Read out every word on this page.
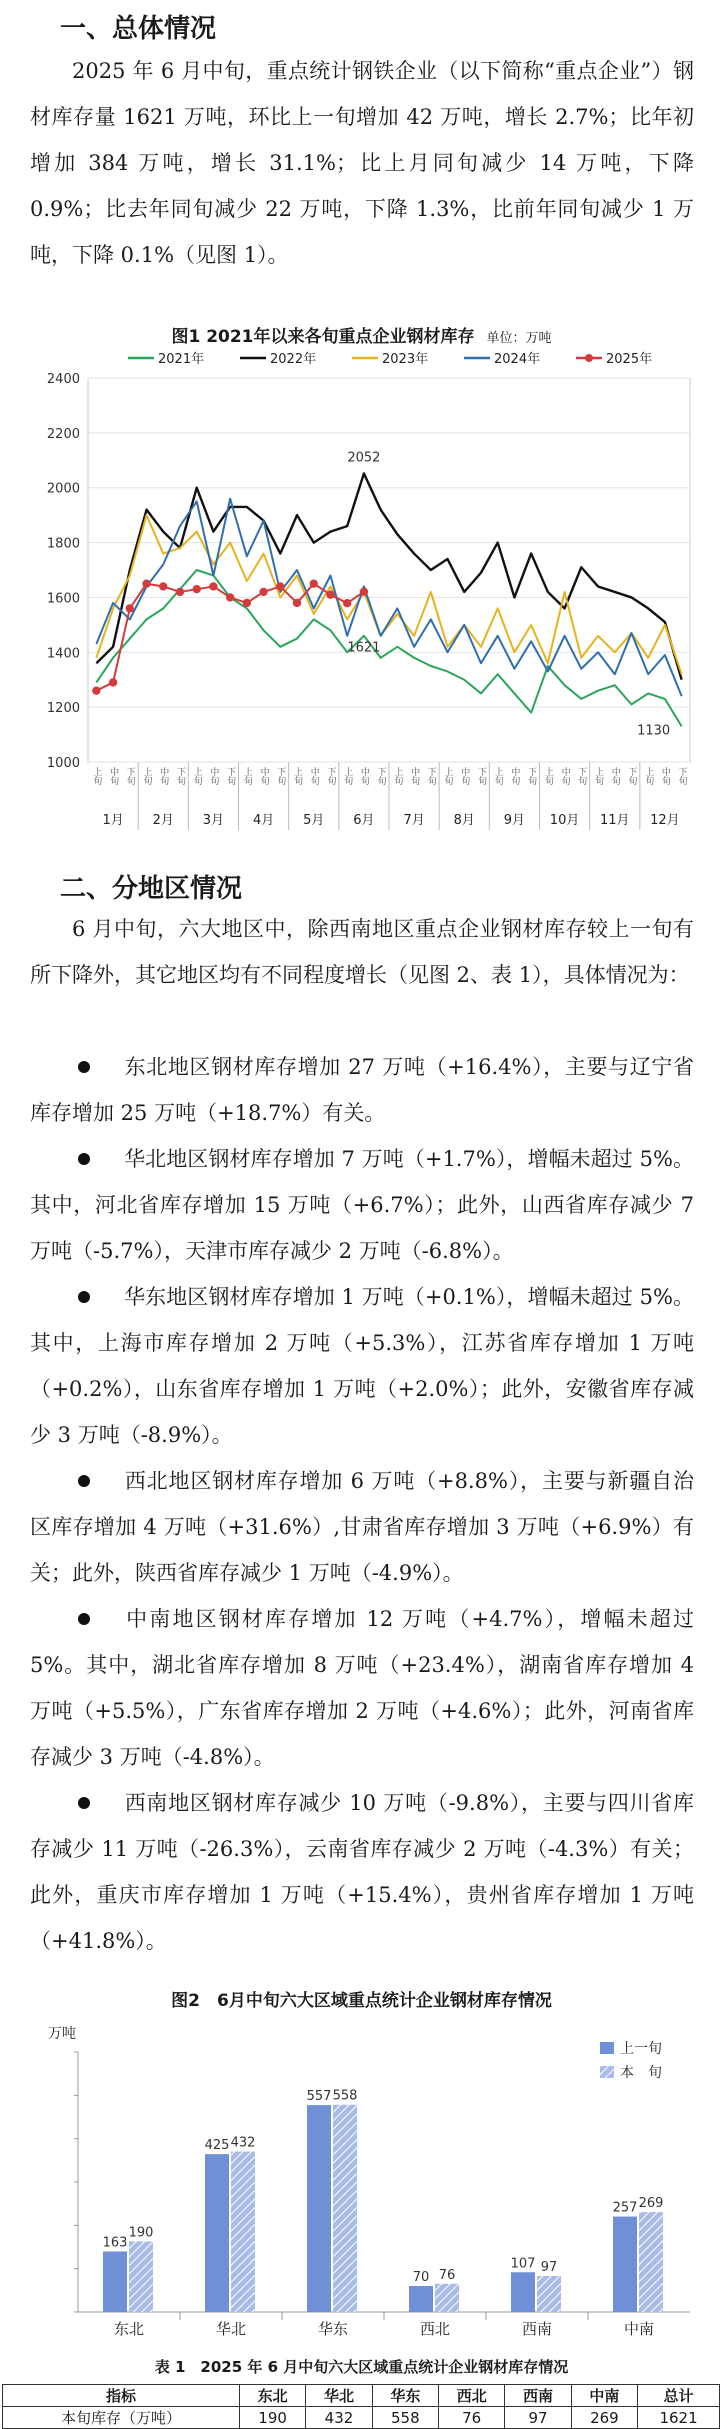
一、总体情况
2025 年 6 月中旬，重点统计钢铁企业（以下简称“重点企业”）钢材库存量 1621 万吨，环比上一旬增加 42 万吨，增长 2.7%；比年初增加 384 万吨，增长 31.1%；比上月同旬减少 14 万吨，下降 0.9%；比去年同旬减少 22 万吨，下降 1.3%，比前年同旬减少 1 万吨，下降 0.1%（见图 1）。
图1 2021年以来各旬重点企业钢材库存 单位：万吨
1000
1200
1400
1600
1800
2000
2200
2400
上旬 中旬 下旬 上旬 中旬 下旬 上旬 中旬 下旬 上旬 中旬 下旬 上旬 中旬 下旬 上旬 中旬 下旬 上旬 中旬 下旬 上旬 中旬 下旬 上旬 中旬 下旬 上旬 中旬 下旬 上旬 中旬 下旬 上旬 中旬 下旬
1月 2月 3月 4月 5月 6月 7月 8月 9月 10月 11月 12月
2021年	2022年	2023年	2024年	2025年
2052
1621
1130
二、分地区情况
6 月中旬，六大地区中，除西南地区重点企业钢材库存较上一旬有所下降外，其它地区均有不同程度增长（见图 2、表 1），具体情况为：
东北地区钢材库存增加 27 万吨（+16.4%），主要与辽宁省库存增加 25 万吨（+18.7%）有关。
华北地区钢材库存增加 7 万吨（+1.7%），增幅未超过 5%。其中，河北省库存增加 15 万吨（+6.7%）；此外，山西省库存减少 7 万吨（-5.7%），天津市库存减少 2 万吨（-6.8%）。
华东地区钢材库存增加 1 万吨（+0.1%），增幅未超过 5%。其中，上海市库存增加 2 万吨（+5.3%），江苏省库存增加 1 万吨（+0.2%），山东省库存增加 1 万吨（+2.0%）；此外，安徽省库存减少 3 万吨（-8.9%）。
西北地区钢材库存增加 6 万吨（+8.8%），主要与新疆自治区库存增加 4 万吨（+31.6%）,甘肃省库存增加 3 万吨（+6.9%）有关；此外，陕西省库存减少 1 万吨（-4.9%）。
中南地区钢材库存增加 12 万吨（+4.7%），增幅未超过 5%。其中，湖北省库存增加 8 万吨（+23.4%），湖南省库存增加 4 万吨（+5.5%），广东省库存增加 2 万吨（+4.6%）；此外，河南省库存减少 3 万吨（-4.8%）。
西南地区钢材库存减少 10 万吨（-9.8%），主要与四川省库存减少 11 万吨（-26.3%），云南省库存减少 2 万吨（-4.3%）有关；此外，重庆市库存增加 1 万吨（+15.4%），贵州省库存增加 1 万吨（+41.8%）。
图2　6月中旬六大区域重点统计企业钢材库存情况
万吨
163
190
东北
425 432
华北
557 558
华东
70 76
西北
107 97
西南
257 269
中南
上一旬
本　旬
表 1　2025 年 6 月中旬六大区域重点统计企业钢材库存情况
指标	东北	华北	华东	西北	西南	中南	总计
本旬库存（万吨）	190	432	558	76	97	269	1621
